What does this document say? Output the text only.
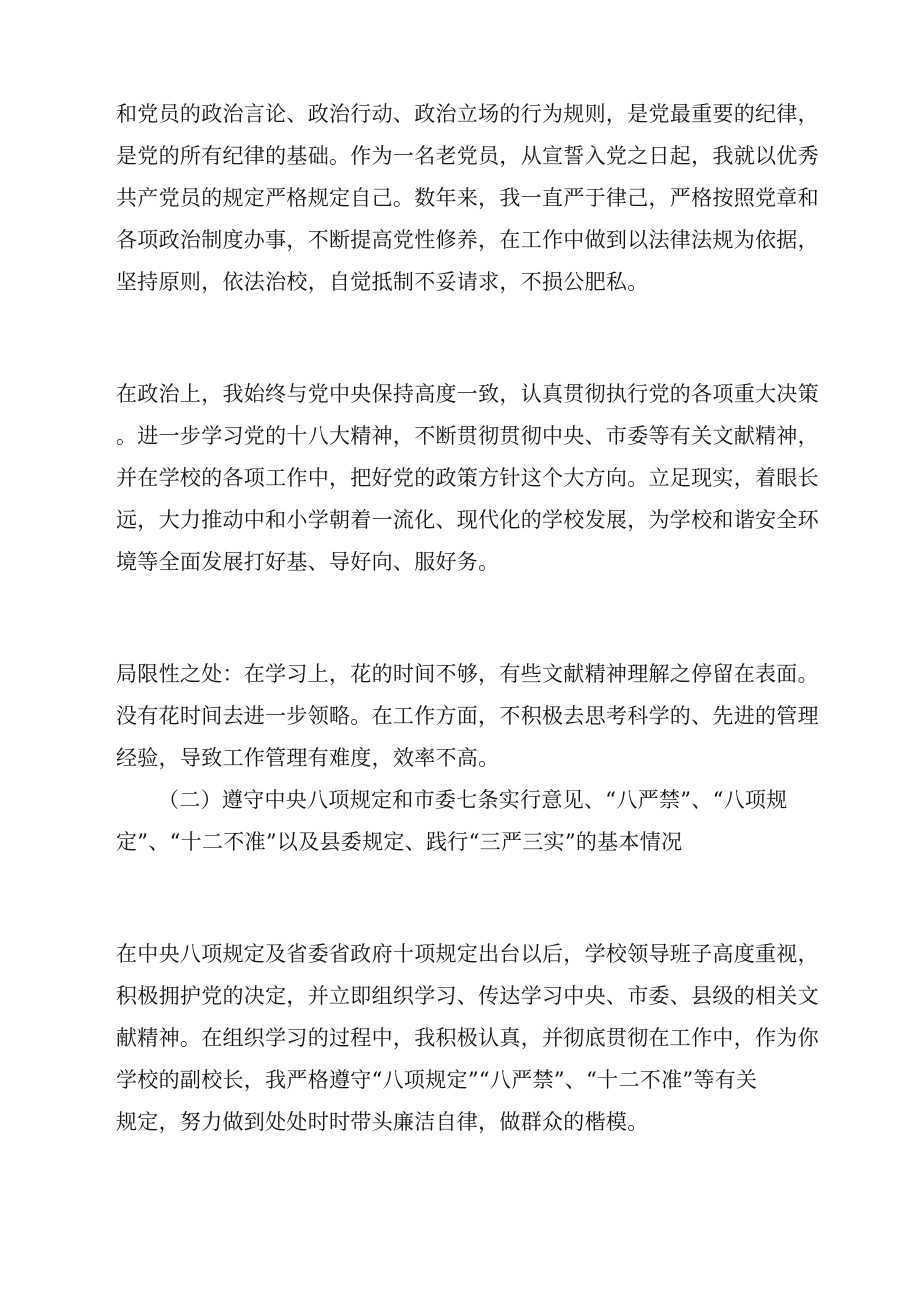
和党员的政治言论、政治行动、政治立场的行为规则，是党最重要的纪律，
是党的所有纪律的基础。作为一名老党员，从宣誓入党之日起，我就以优秀
共产党员的规定严格规定自己。数年来，我一直严于律己，严格按照党章和
各项政治制度办事，不断提高党性修养，在工作中做到以法律法规为依据，
坚持原则，依法治校，自觉抵制不妥请求，不损公肥私。
在政治上，我始终与党中央保持高度一致，认真贯彻执行党的各项重大决策
。进一步学习党的十八大精神，不断贯彻贯彻中央、市委等有关文献精神，
并在学校的各项工作中，把好党的政策方针这个大方向。立足现实，着眼长
远，大力推动中和小学朝着一流化、现代化的学校发展，为学校和谐安全环
境等全面发展打好基、导好向、服好务。
局限性之处：在学习上，花的时间不够，有些文献精神理解之停留在表面。
没有花时间去进一步领略。在工作方面，不积极去思考科学的、先进的管理
经验，导致工作管理有难度，效率不高。
（二）遵守中央八项规定和市委七条实行意见、“八严禁”、“八项规
定”、“十二不准”以及县委规定、践行“三严三实”的基本情况
在中央八项规定及省委省政府十项规定出台以后，学校领导班子高度重视，
积极拥护党的决定，并立即组织学习、传达学习中央、市委、县级的相关文
献精神。在组织学习的过程中，我积极认真，并彻底贯彻在工作中，作为你
学校的副校长，我严格遵守“八项规定”“八严禁”、“十二不准”等有关
规定，努力做到处处时时带头廉洁自律，做群众的楷模。
